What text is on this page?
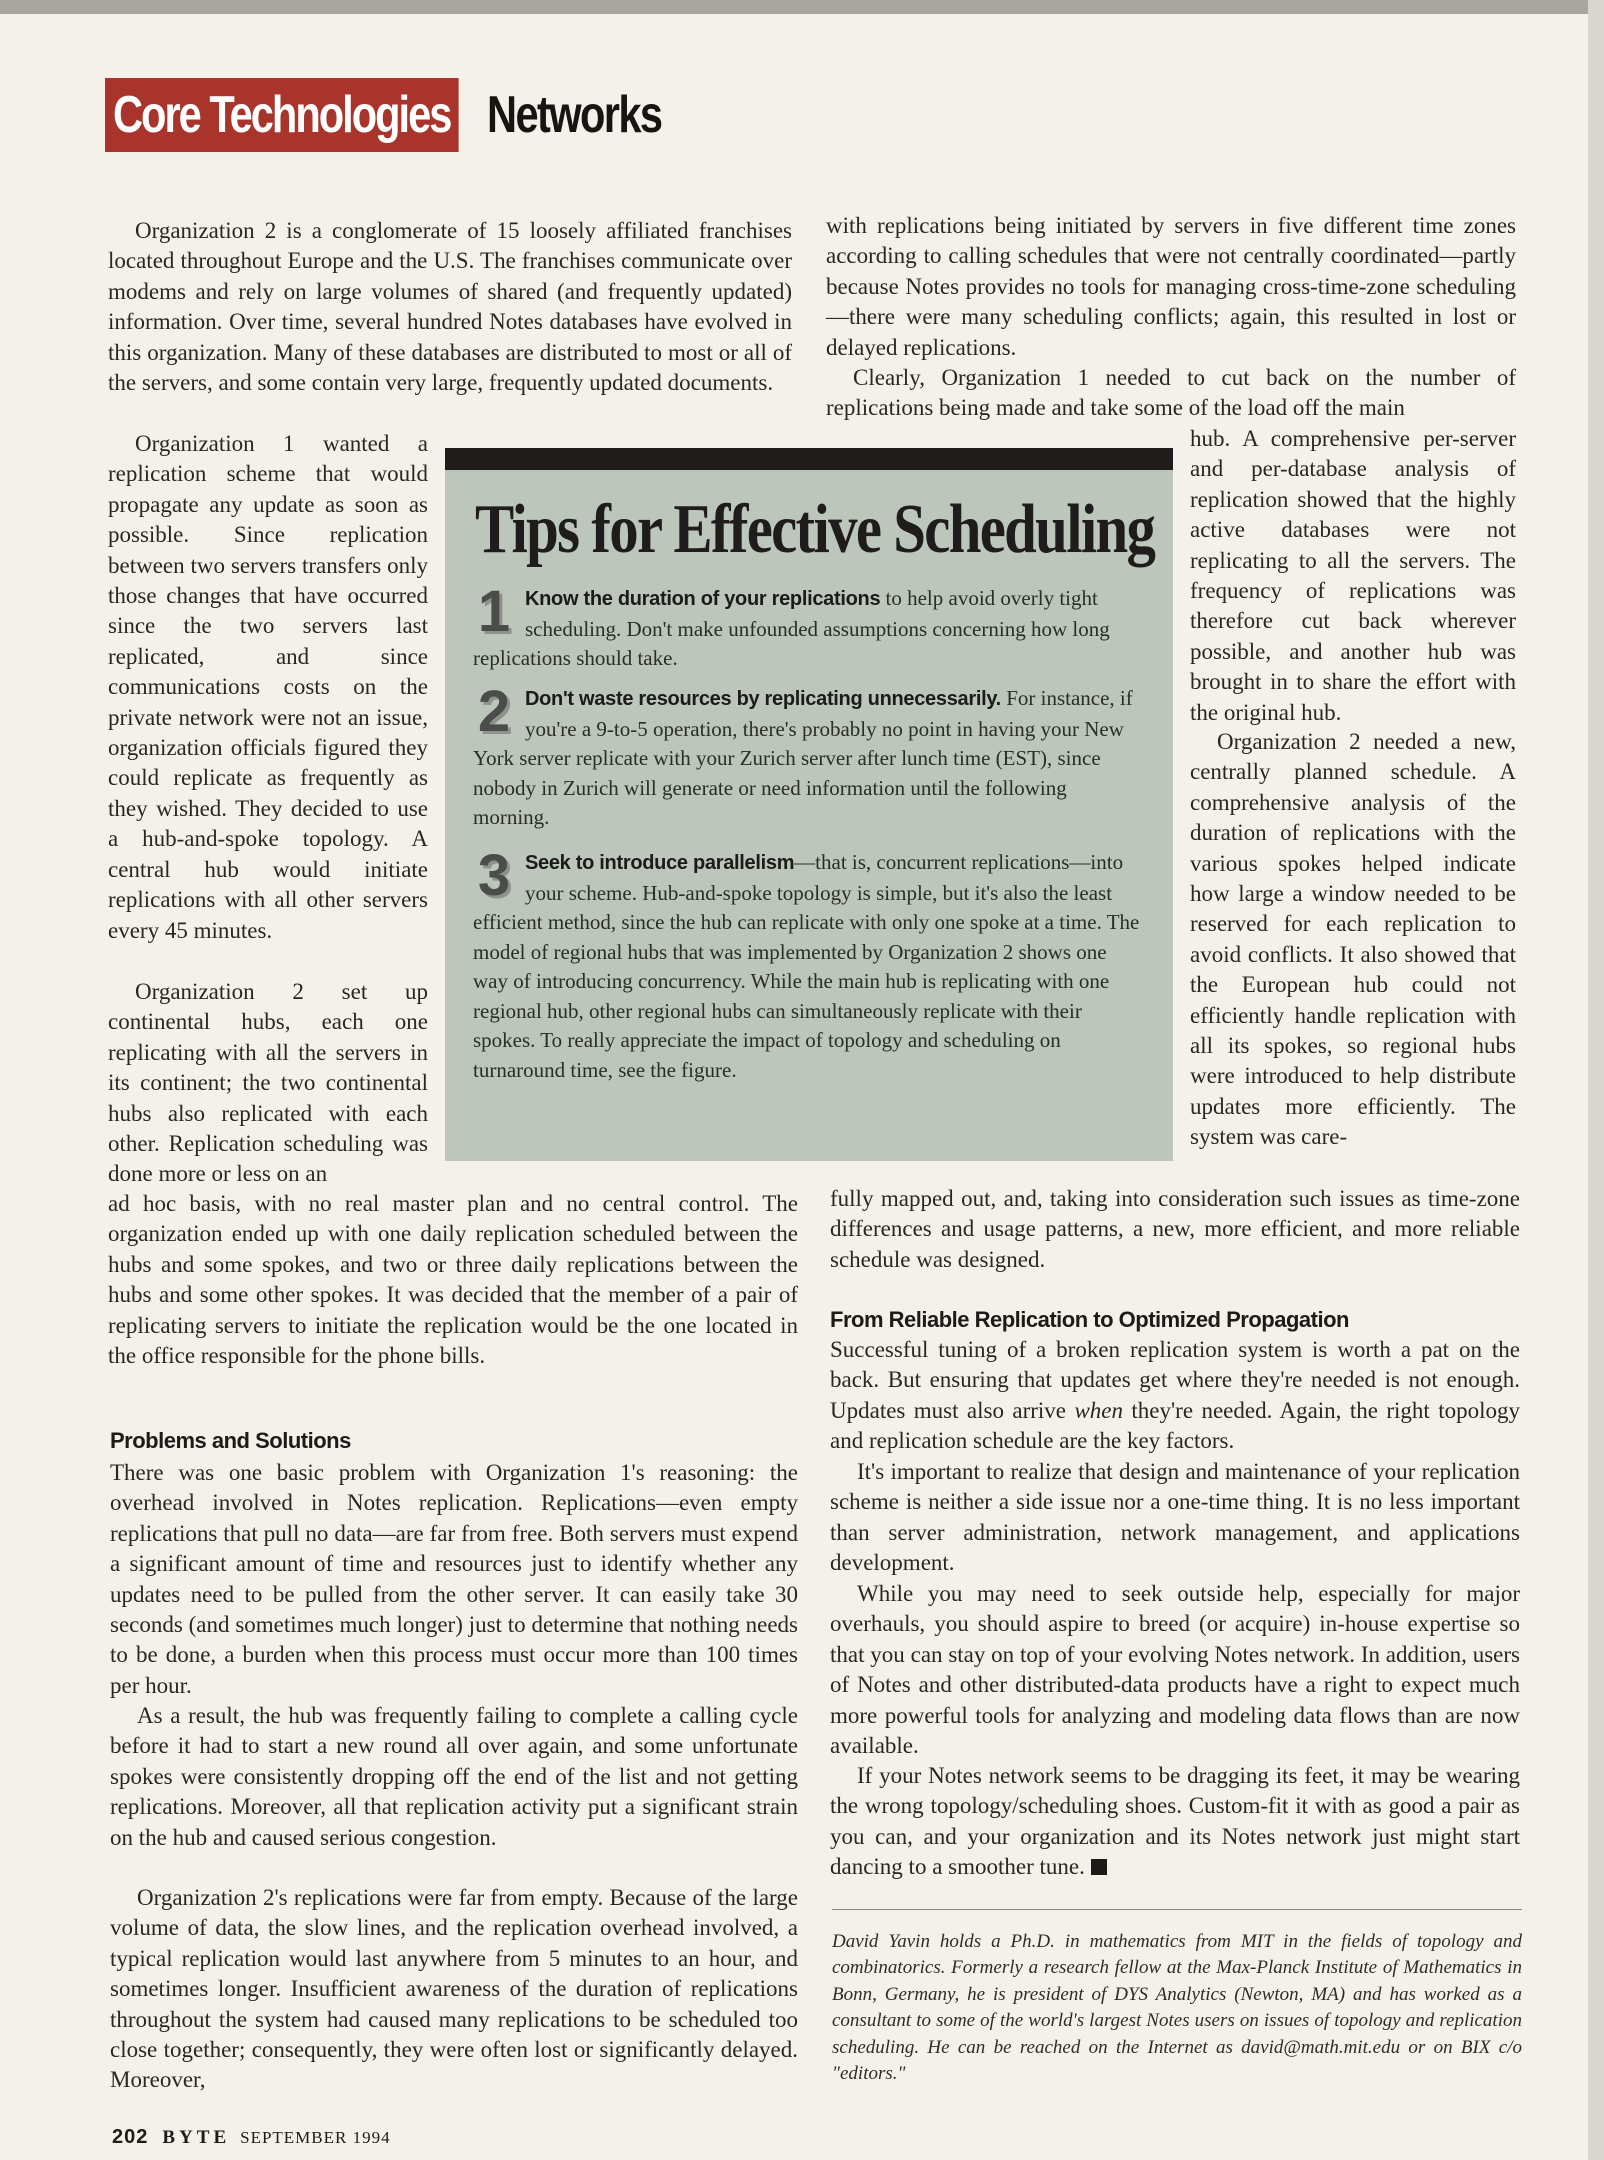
Core Technologies Networks

Organization 2 is a conglomerate of 15 loosely affiliated franchises located throughout Europe and the U.S. The franchises communicate over modems and rely on large volumes of shared (and frequently updated) information. Over time, several hundred Notes databases have evolved in this organization. Many of these databases are distributed to most or all of the servers, and some contain very large, frequently updated documents.

Organization 1 wanted a replication scheme that would propagate any update as soon as possible. Since replication between two servers transfers only those changes that have occurred since the two servers last replicated, and since communications costs on the private network were not an issue, organization officials figured they could replicate as frequently as they wished. They decided to use a hub-and-spoke topology. A central hub would initiate replications with all other servers every 45 minutes.

Organization 2 set up continental hubs, each one replicating with all the servers in its continent; the two continental hubs also replicated with each other. Replication scheduling was done more or less on an

ad hoc basis, with no real master plan and no central control. The organization ended up with one daily replication scheduled between the hubs and some spokes, and two or three daily replications between the hubs and some other spokes. It was decided that the member of a pair of replicating servers to initiate the replication would be the one located in the office responsible for the phone bills.

Problems and Solutions

There was one basic problem with Organization 1's reasoning: the overhead involved in Notes replication. Replications—even empty replications that pull no data—are far from free. Both servers must expend a significant amount of time and resources just to identify whether any updates need to be pulled from the other server. It can easily take 30 seconds (and sometimes much longer) just to determine that nothing needs to be done, a burden when this process must occur more than 100 times per hour.

As a result, the hub was frequently failing to complete a calling cycle before it had to start a new round all over again, and some unfortunate spokes were consistently dropping off the end of the list and not getting replications. Moreover, all that replication activity put a significant strain on the hub and caused serious congestion.

Organization 2's replications were far from empty. Because of the large volume of data, the slow lines, and the replication overhead involved, a typical replication would last anywhere from 5 minutes to an hour, and sometimes longer. Insufficient awareness of the duration of replications throughout the system had caused many replications to be scheduled too close together; consequently, they were often lost or significantly delayed. Moreover,

with replications being initiated by servers in five different time zones according to calling schedules that were not centrally coordinated—partly because Notes provides no tools for managing cross-time-zone scheduling—there were many scheduling conflicts; again, this resulted in lost or delayed replications.

Clearly, Organization 1 needed to cut back on the number of replications being made and take some of the load off the main

hub. A comprehensive per-server and per-database analysis of replication showed that the highly active databases were not replicating to all the servers. The frequency of replications was therefore cut back wherever possible, and another hub was brought in to share the effort with the original hub.

Organization 2 needed a new, centrally planned schedule. A comprehensive analysis of the duration of replications with the various spokes helped indicate how large a window needed to be reserved for each replication to avoid conflicts. It also showed that the European hub could not efficiently handle replication with all its spokes, so regional hubs were introduced to help distribute updates more efficiently. The system was care-

fully mapped out, and, taking into consideration such issues as time-zone differences and usage patterns, a new, more efficient, and more reliable schedule was designed.

From Reliable Replication to Optimized Propagation

Successful tuning of a broken replication system is worth a pat on the back. But ensuring that updates get where they're needed is not enough. Updates must also arrive when they're needed. Again, the right topology and replication schedule are the key factors.

It's important to realize that design and maintenance of your replication scheme is neither a side issue nor a one-time thing. It is no less important than server administration, network management, and applications development.

While you may need to seek outside help, especially for major overhauls, you should aspire to breed (or acquire) in-house expertise so that you can stay on top of your evolving Notes network. In addition, users of Notes and other distributed-data products have a right to expect much more powerful tools for analyzing and modeling data flows than are now available.

If your Notes network seems to be dragging its feet, it may be wearing the wrong topology/scheduling shoes. Custom-fit it with as good a pair as you can, and your organization and its Notes network just might start dancing to a smoother tune.

Tips for Effective Scheduling

1 Know the duration of your replications to help avoid overly tight scheduling. Don't make unfounded assumptions concerning how long replications should take.

2 Don't waste resources by replicating unnecessarily. For instance, if you're a 9-to-5 operation, there's probably no point in having your New York server replicate with your Zurich server after lunch time (EST), since nobody in Zurich will generate or need information until the following morning.

3 Seek to introduce parallelism—that is, concurrent replications—into your scheme. Hub-and-spoke topology is simple, but it's also the least efficient method, since the hub can replicate with only one spoke at a time. The model of regional hubs that was implemented by Organization 2 shows one way of introducing concurrency. While the main hub is replicating with one regional hub, other regional hubs can simultaneously replicate with their spokes. To really appreciate the impact of topology and scheduling on turnaround time, see the figure.

David Yavin holds a Ph.D. in mathematics from MIT in the fields of topology and combinatorics. Formerly a research fellow at the Max-Planck Institute of Mathematics in Bonn, Germany, he is president of DYS Analytics (Newton, MA) and has worked as a consultant to some of the world's largest Notes users on issues of topology and replication scheduling. He can be reached on the Internet as david@math.mit.edu or on BIX c/o "editors."

202 BYTE SEPTEMBER 1994
